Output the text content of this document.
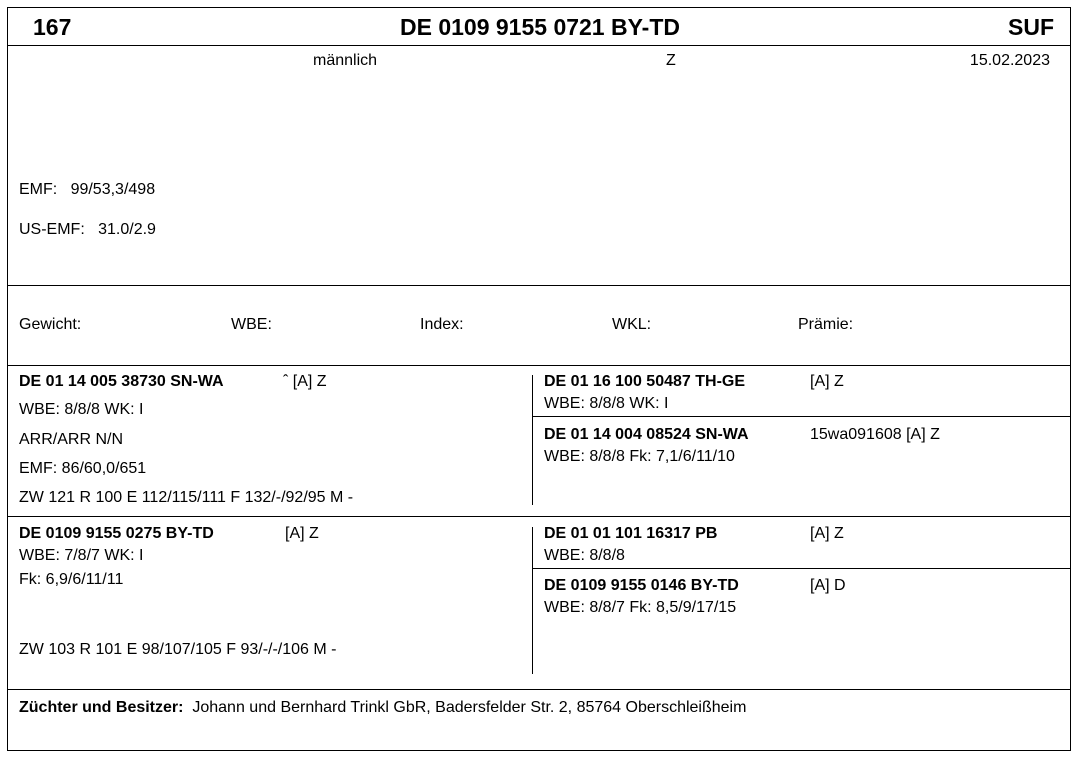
167	DE 0109 9155 0721 BY-TD	SUF
männlich	Z	15.02.2023
EMF: 99/53,3/498
US-EMF: 31.0/2.9
Gewicht:	WBE:	Index:	WKL:	Prämie:
DE 01 14 005 38730 SN-WA	ˆ [A] Z
WBE: 8/8/8 WK: I
ARR/ARR N/N
EMF: 86/60,0/651
ZW 121 R 100 E 112/115/111 F 132/-/92/95 M -
DE 01 16 100 50487 TH-GE	[A] Z
WBE: 8/8/8 WK: I
DE 01 14 004 08524 SN-WA	15wa091608 [A] Z
WBE: 8/8/8 Fk: 7,1/6/11/10
DE 0109 9155 0275 BY-TD	[A] Z
WBE: 7/8/7 WK: I
Fk: 6,9/6/11/11
ZW 103 R 101 E 98/107/105 F 93/-/-/106 M -
DE 01 01 101 16317 PB	[A] Z
WBE: 8/8/8
DE 0109 9155 0146 BY-TD	[A] D
WBE: 8/8/7 Fk: 8,5/9/17/15
Züchter und Besitzer: Johann und Bernhard Trinkl GbR, Badersfelder Str. 2, 85764 Oberschleißheim
